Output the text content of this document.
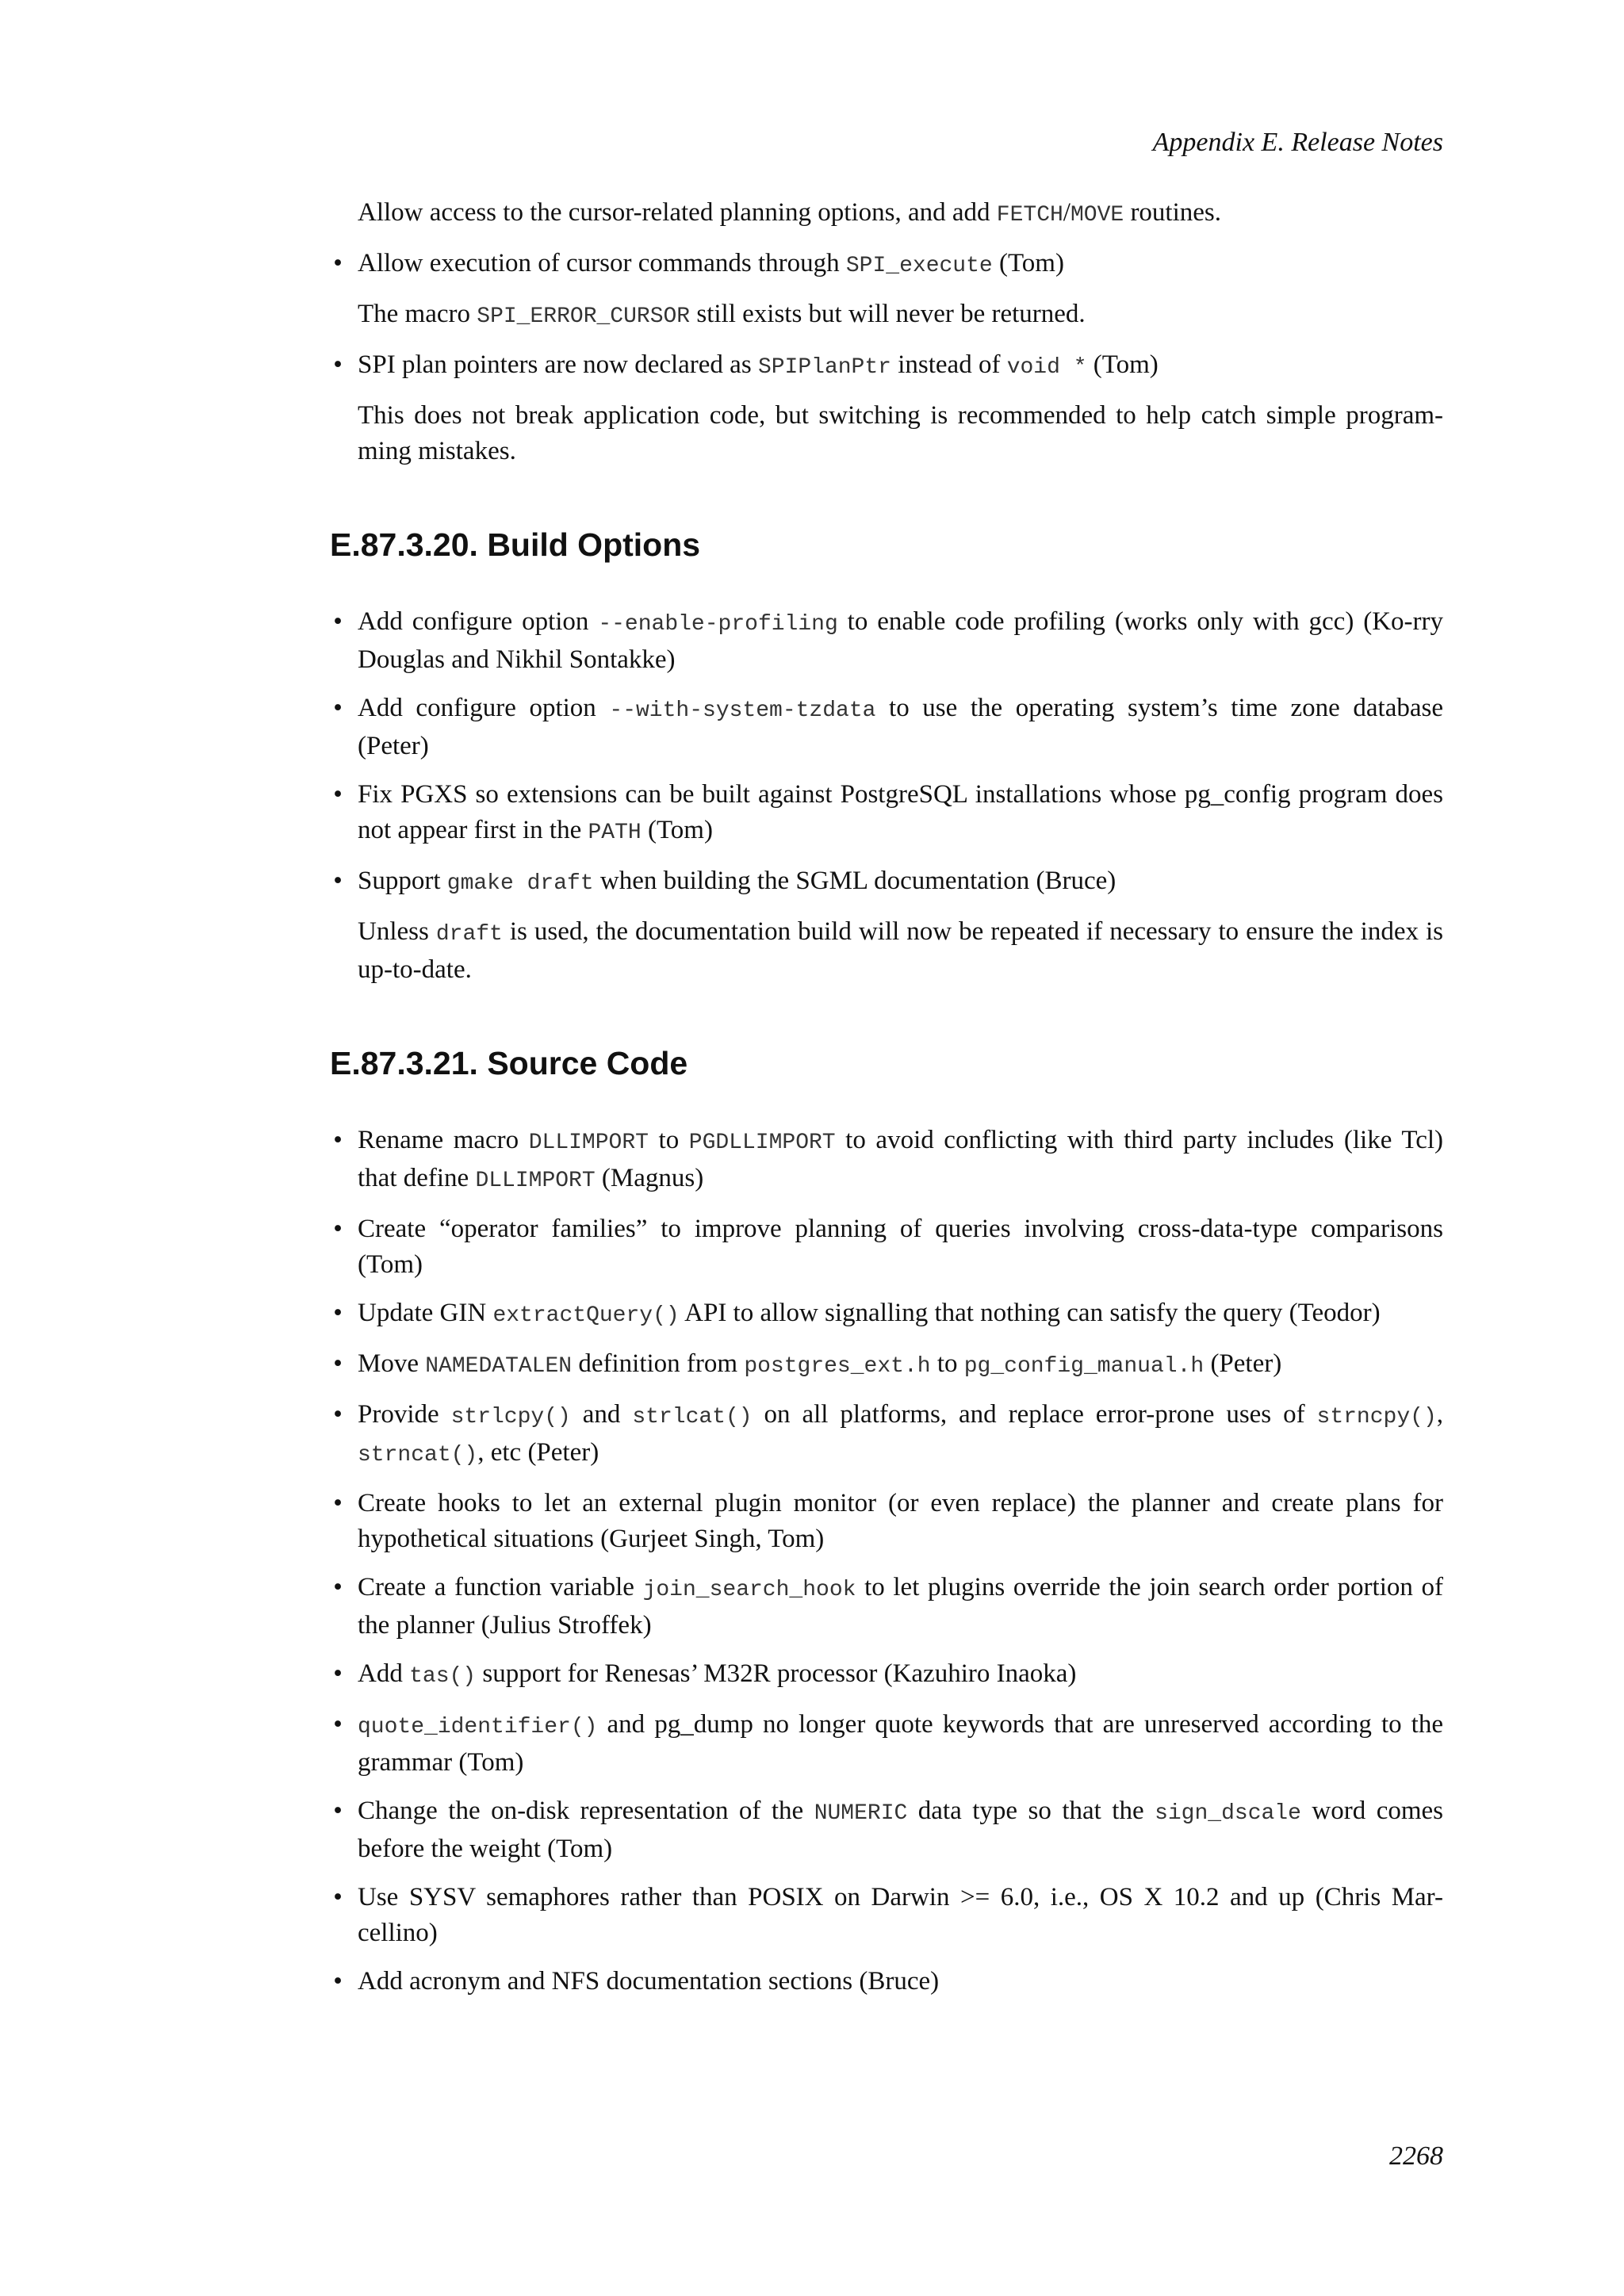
Appendix E. Release Notes

Allow access to the cursor-related planning options, and add FETCH/MOVE routines.

• Allow execution of cursor commands through SPI_execute (Tom)

The macro SPI_ERROR_CURSOR still exists but will never be returned.

• SPI plan pointers are now declared as SPIPlanPtr instead of void * (Tom)

This does not break application code, but switching is recommended to help catch simple program-ming mistakes.

E.87.3.20. Build Options
• Add configure option --enable-profiling to enable code profiling (works only with gcc) (Ko-rry Douglas and Nikhil Sontakke)
• Add configure option --with-system-tzdata to use the operating system’s time zone database (Peter)
• Fix PGXS so extensions can be built against PostgreSQL installations whose pg_config program does not appear first in the PATH (Tom)
• Support gmake draft when building the SGML documentation (Bruce)

Unless draft is used, the documentation build will now be repeated if necessary to ensure the index is up-to-date.

E.87.3.21. Source Code
• Rename macro DLLIMPORT to PGDLLIMPORT to avoid conflicting with third party includes (like Tcl) that define DLLIMPORT (Magnus)
• Create “operator families” to improve planning of queries involving cross-data-type comparisons (Tom)
• Update GIN extractQuery() API to allow signalling that nothing can satisfy the query (Teodor)
• Move NAMEDATALEN definition from postgres_ext.h to pg_config_manual.h (Peter)
• Provide strlcpy() and strlcat() on all platforms, and replace error-prone uses of strncpy(), strncat(), etc (Peter)
• Create hooks to let an external plugin monitor (or even replace) the planner and create plans for hypothetical situations (Gurjeet Singh, Tom)
• Create a function variable join_search_hook to let plugins override the join search order portion of the planner (Julius Stroffek)
• Add tas() support for Renesas’ M32R processor (Kazuhiro Inaoka)
• quote_identifier() and pg_dump no longer quote keywords that are unreserved according to the grammar (Tom)
• Change the on-disk representation of the NUMERIC data type so that the sign_dscale word comes before the weight (Tom)
• Use SYSV semaphores rather than POSIX on Darwin >= 6.0, i.e., OS X 10.2 and up (Chris Mar-cellino)
• Add acronym and NFS documentation sections (Bruce)
2268
